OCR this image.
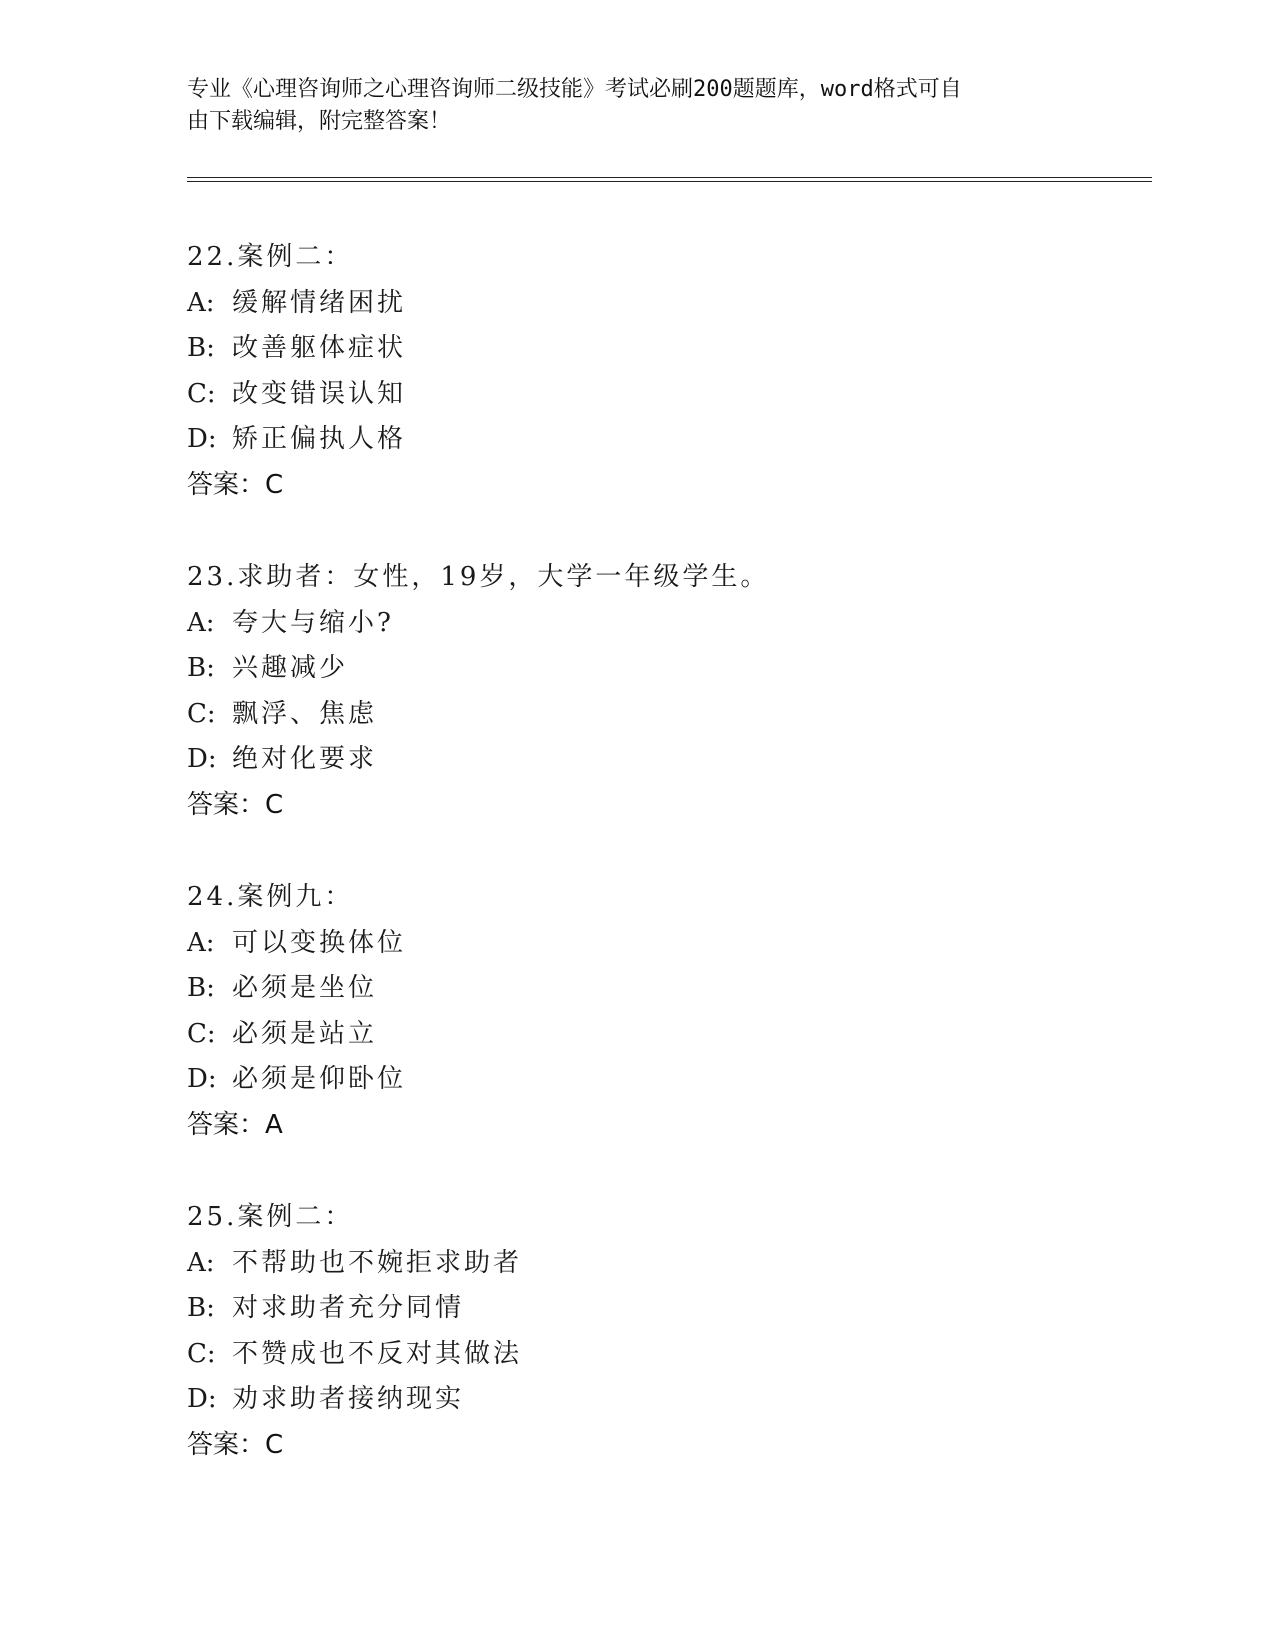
专业《心理咨询师之心理咨询师二级技能》考试必刷200题题库，word格式可自
由下载编辑，附完整答案！
22.案例二：
A: 缓解情绪困扰
B: 改善躯体症状
C: 改变错误认知
D: 矫正偏执人格
答案：C
23.求助者：女性，19岁，大学一年级学生。
A: 夸大与缩小?
B: 兴趣减少
C: 飘浮、焦虑
D: 绝对化要求
答案：C
24.案例九：
A: 可以变换体位
B: 必须是坐位
C: 必须是站立
D: 必须是仰卧位
答案：A
25.案例二：
A: 不帮助也不婉拒求助者
B: 对求助者充分同情
C: 不赞成也不反对其做法
D: 劝求助者接纳现实
答案：C
